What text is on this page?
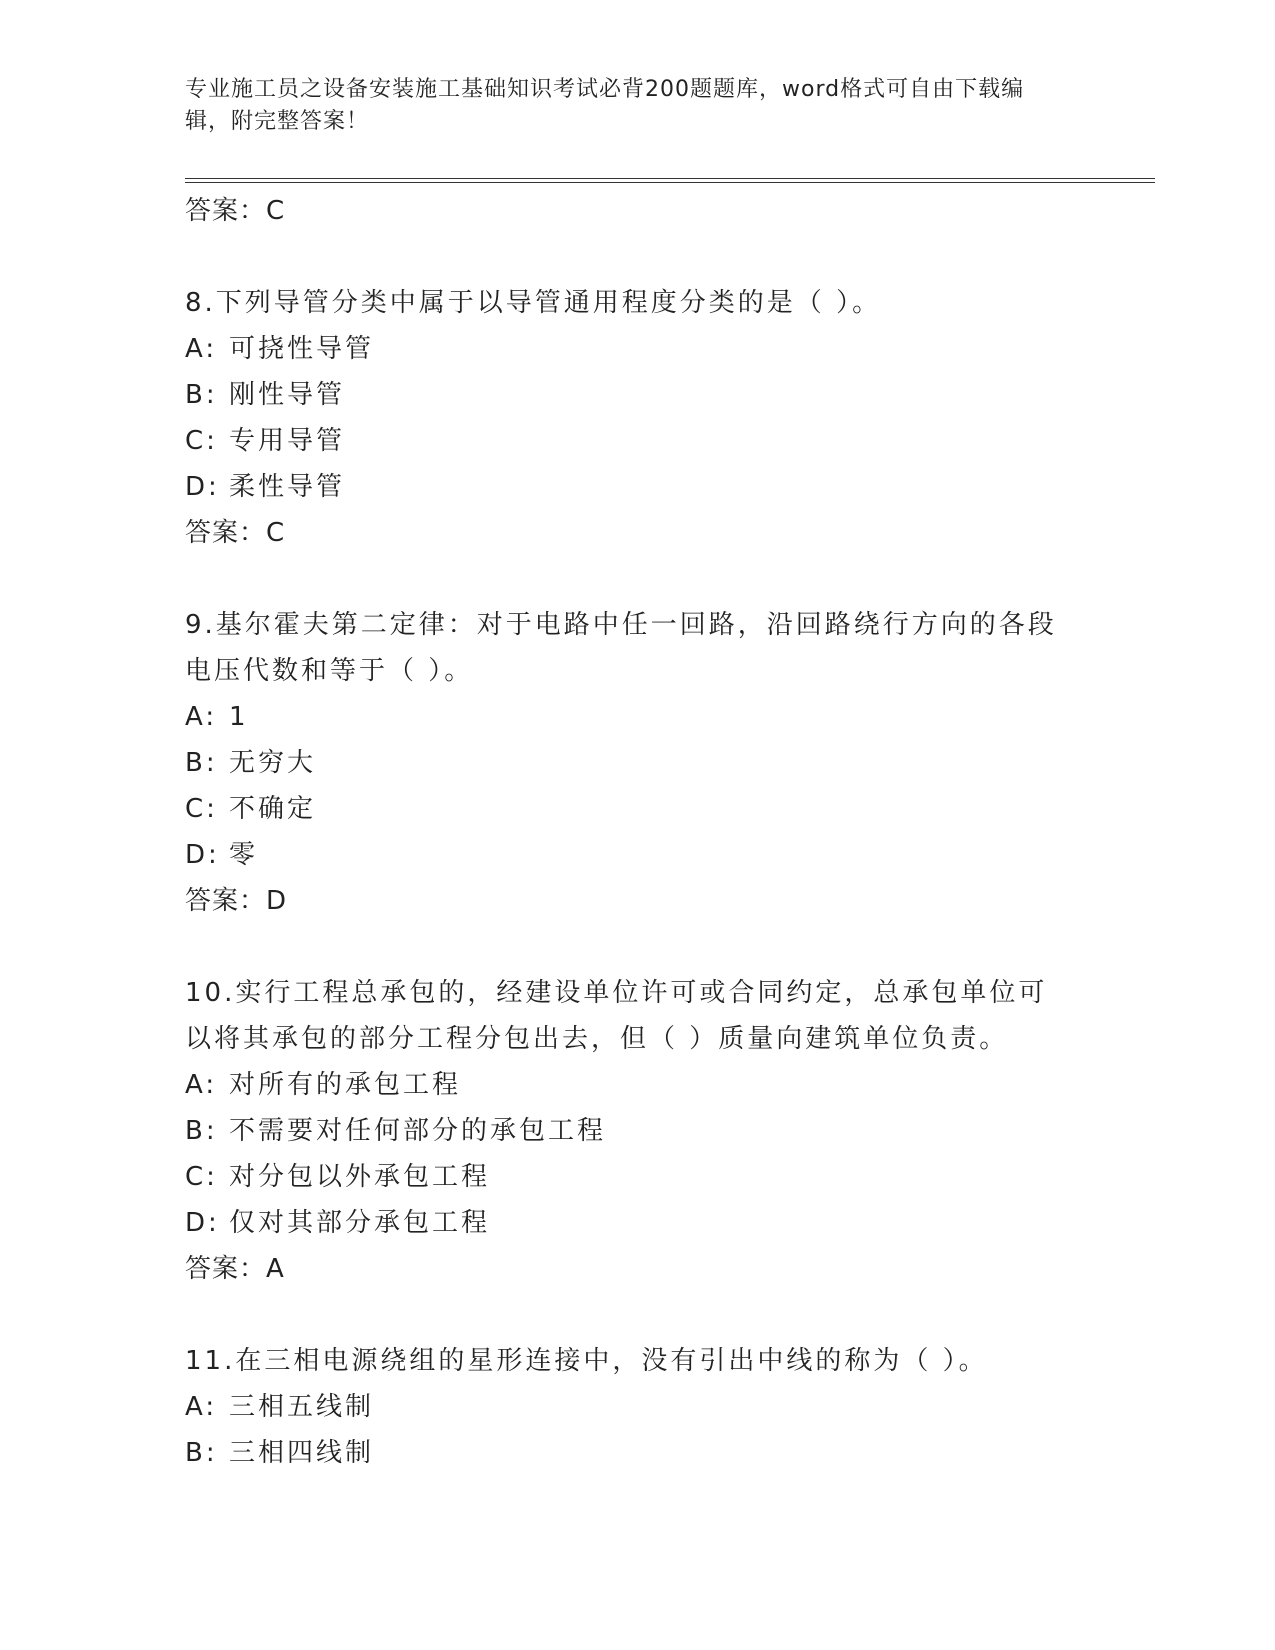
专业施工员之设备安装施工基础知识考试必背200题题库，word格式可自由下载编辑，附完整答案！
答案：C
8.下列导管分类中属于以导管通用程度分类的是（ ）。
A: 可挠性导管
B: 刚性导管
C: 专用导管
D: 柔性导管
答案：C
9.基尔霍夫第二定律：对于电路中任一回路，沿回路绕行方向的各段电压代数和等于（ ）。
A: 1
B: 无穷大
C: 不确定
D: 零
答案：D
10.实行工程总承包的，经建设单位许可或合同约定，总承包单位可以将其承包的部分工程分包出去，但（ ）质量向建筑单位负责。
A: 对所有的承包工程
B: 不需要对任何部分的承包工程
C: 对分包以外承包工程
D: 仅对其部分承包工程
答案：A
11.在三相电源绕组的星形连接中，没有引出中线的称为（ ）。
A: 三相五线制
B: 三相四线制
